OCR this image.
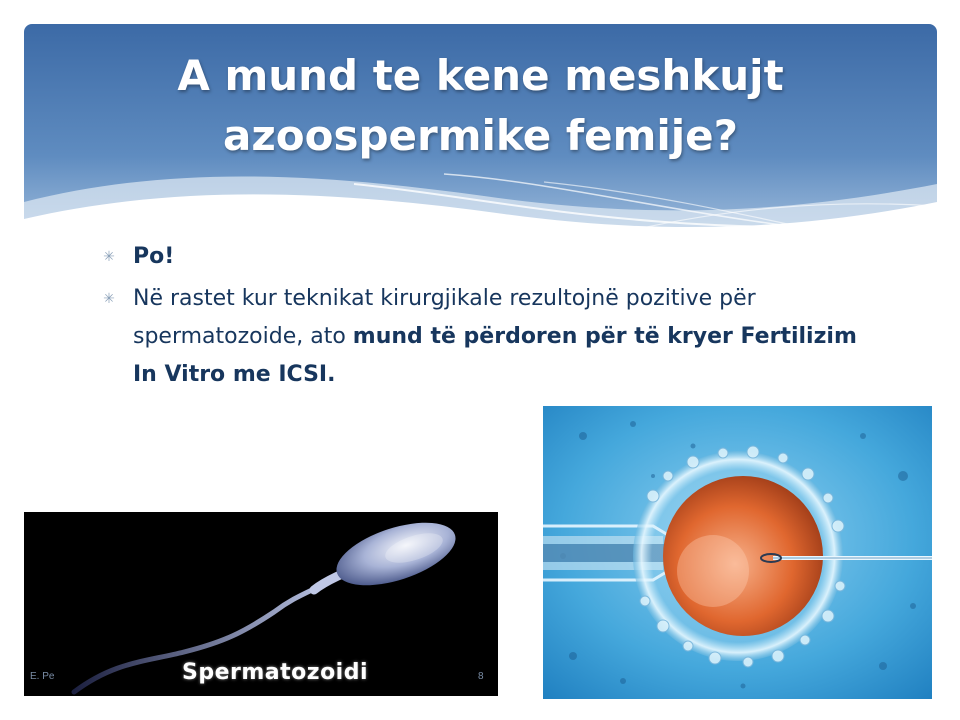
A mund te kene meshkujt
azoospermike femije?
✳ Po!
✳ Në rastet kur teknikat kirurgjikale rezultojnë pozitive për spermatozoide, ato mund të përdoren për të kryer Fertilizim In Vitro me ICSI.
Spermatozoidi
E. Pe	8
